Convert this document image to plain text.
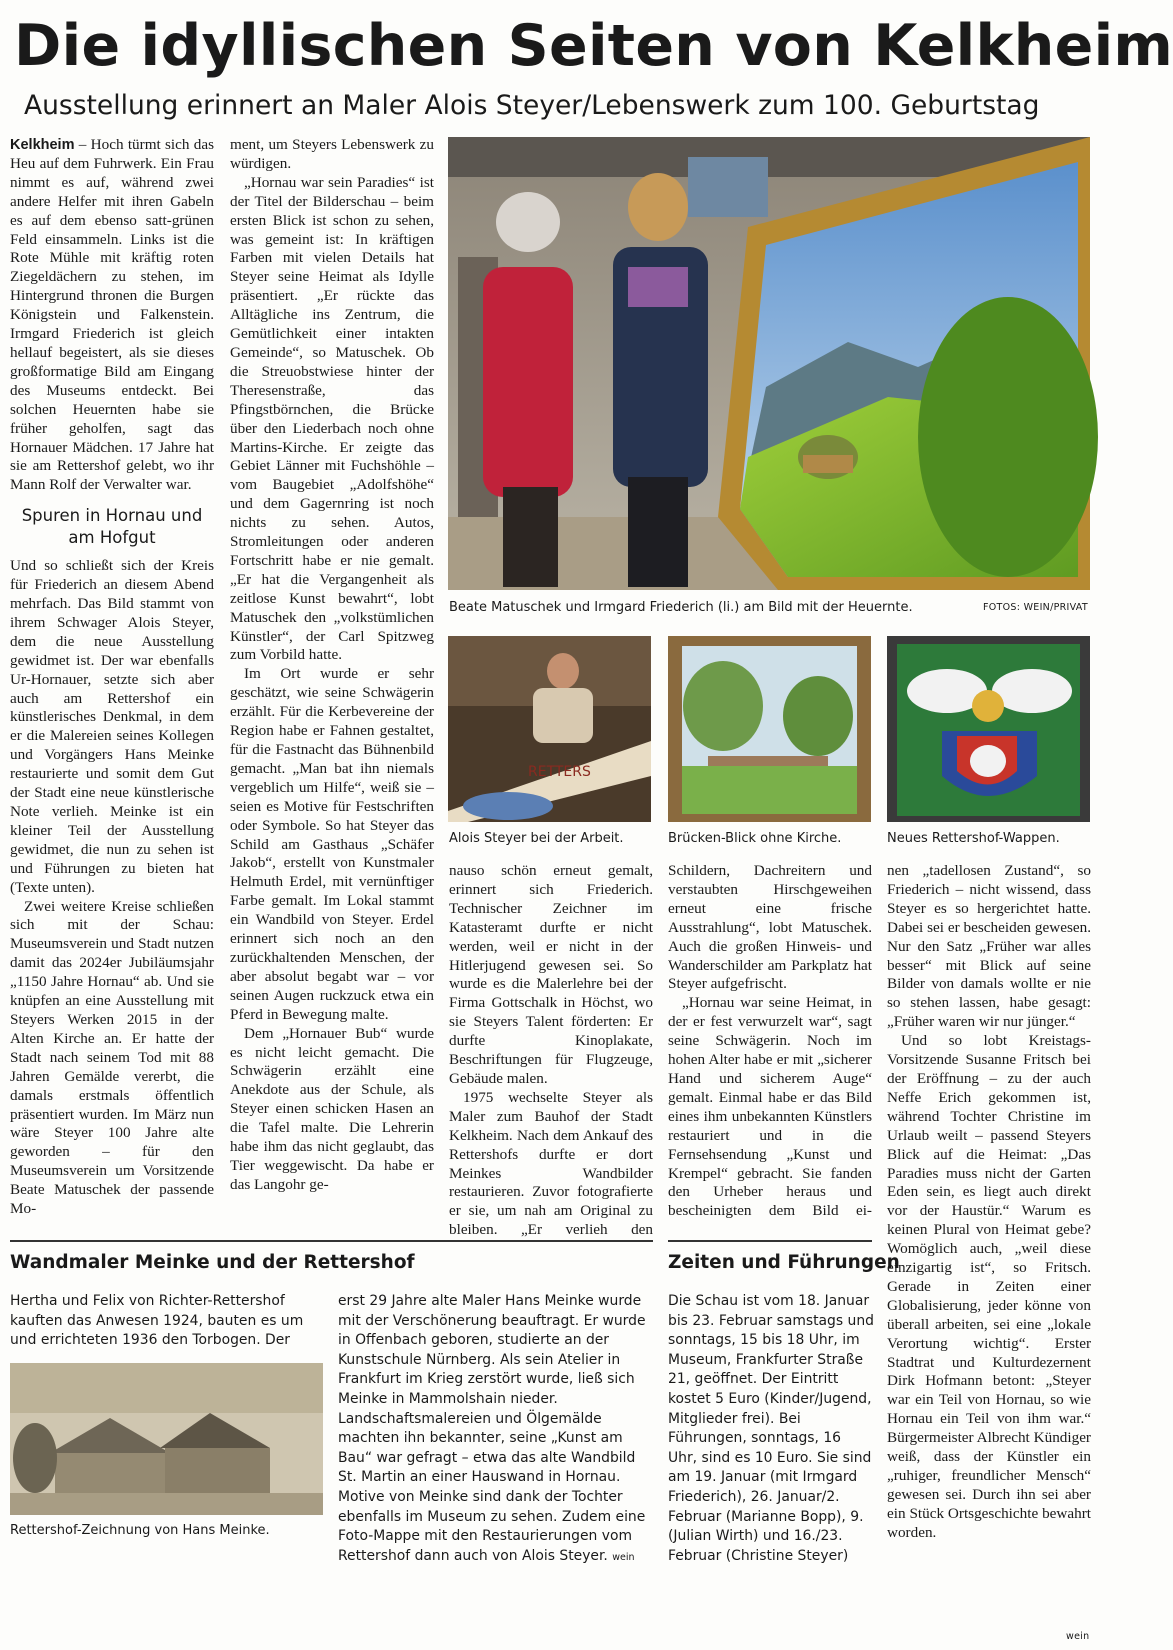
Die idyllischen Seiten von Kelkheim
Ausstellung erinnert an Maler Alois Steyer/Lebenswerk zum 100. Geburtstag

Kelkheim – Hoch türmt sich das Heu auf dem Fuhrwerk. Ein Frau nimmt es auf, während zwei andere Helfer mit ihren Gabeln es auf dem ebenso satt-grünen Feld einsammeln. Links ist die Rote Mühle mit kräftig roten Ziegeldächern zu stehen, im Hintergrund thronen die Burgen Königstein und Falkenstein. Irmgard Friederich ist gleich hellauf begeistert, als sie dieses großformatige Bild am Eingang des Museums entdeckt. Bei solchen Heuernten habe sie früher geholfen, sagt das Hornauer Mädchen. 17 Jahre hat sie am Rettershof gelebt, wo ihr Mann Rolf der Verwalter war.

Spuren in Hornau und am Hofgut

Und so schließt sich der Kreis für Friederich an diesem Abend mehrfach. Das Bild stammt von ihrem Schwager Alois Steyer, dem die neue Ausstellung gewidmet ist. Der war ebenfalls Ur-Hornauer, setzte sich aber auch am Rettershof ein künstlerisches Denkmal, in dem er die Malereien seines Kollegen und Vorgängers Hans Meinke restaurierte und somit dem Gut der Stadt eine neue künstlerische Note verlieh. Meinke ist ein kleiner Teil der Ausstellung gewidmet, die nun zu sehen ist und Führungen zu bieten hat (Texte unten).

Zwei weitere Kreise schließen sich mit der Schau: Museumsverein und Stadt nutzen damit das 2024er Jubiläumsjahr „1150 Jahre Hornau“ ab. Und sie knüpfen an eine Ausstellung mit Steyers Werken 2015 in der Alten Kirche an. Er hatte der Stadt nach seinem Tod mit 88 Jahren Gemälde vererbt, die damals erstmals öffentlich präsentiert wurden. Im März nun wäre Steyer 100 Jahre alte geworden – für den Museumsverein um Vorsitzende Beate Matuschek der passende Mo-

ment, um Steyers Lebenswerk zu würdigen.

„Hornau war sein Paradies“ ist der Titel der Bilderschau – beim ersten Blick ist schon zu sehen, was gemeint ist: In kräftigen Farben mit vielen Details hat Steyer seine Heimat als Idylle präsentiert. „Er rückte das Alltägliche ins Zentrum, die Gemütlichkeit einer intakten Gemeinde“, so Matuschek. Ob die Streuobstwiese hinter der Theresenstraße, das Pfingstbörnchen, die Brücke über den Liederbach noch ohne Martins-Kirche. Er zeigte das Gebiet Länner mit Fuchshöhle – vom Baugebiet „Adolfshöhe“ und dem Gagernring ist noch nichts zu sehen. Autos, Stromleitungen oder anderen Fortschritt habe er nie gemalt. „Er hat die Vergangenheit als zeitlose Kunst bewahrt“, lobt Matuschek den „volkstümlichen Künstler“, der Carl Spitzweg zum Vorbild hatte.

Im Ort wurde er sehr geschätzt, wie seine Schwägerin erzählt. Für die Kerbevereine der Region habe er Fahnen gestaltet, für die Fastnacht das Bühnenbild gemacht. „Man bat ihn niemals vergeblich um Hilfe“, weiß sie – seien es Motive für Festschriften oder Symbole. So hat Steyer das Schild am Gasthaus „Schäfer Jakob“, erstellt von Kunstmaler Helmuth Erdel, mit vernünftiger Farbe gemalt. Im Lokal stammt ein Wandbild von Steyer. Erdel erinnert sich noch an den zurückhaltenden Menschen, der aber absolut begabt war – vor seinen Augen ruckzuck etwa ein Pferd in Bewegung malte.

Dem „Hornauer Bub“ wurde es nicht leicht gemacht. Die Schwägerin erzählt eine Anekdote aus der Schule, als Steyer einen schicken Hasen an die Tafel malte. Die Lehrerin habe ihm das nicht geglaubt, das Tier weggewischt. Da habe er das Langohr ge-

Beate Matuschek und Irmgard Friederich (li.) am Bild mit der Heuernte.	FOTOS: WEIN/PRIVAT
RETTERS
Alois Steyer bei der Arbeit.	Brücken-Blick ohne Kirche.	Neues Rettershof-Wappen.

nauso schön erneut gemalt, erinnert sich Friederich. Technischer Zeichner im Katasteramt durfte er nicht werden, weil er nicht in der Hitlerjugend gewesen sei. So wurde es die Malerlehre bei der Firma Gottschalk in Höchst, wo sie Steyers Talent förderten: Er durfte Kinoplakate, Beschriftungen für Flugzeuge, Gebäude malen.

1975 wechselte Steyer als Maler zum Bauhof der Stadt Kelkheim. Nach dem Ankauf des Rettershofs durfte er dort Meinkes Wandbilder restaurieren. Zuvor fotografierte er sie, um nah am Original zu bleiben. „Er verlieh den

Schildern, Dachreitern und verstaubten Hirschgeweihen erneut eine frische Ausstrahlung“, lobt Matuschek. Auch die großen Hinweis- und Wanderschilder am Parkplatz hat Steyer aufgefrischt.

„Hornau war seine Heimat, in der er fest verwurzelt war“, sagt seine Schwägerin. Noch im hohen Alter habe er mit „sicherer Hand und sicherem Auge“ gemalt. Einmal habe er das Bild eines ihm unbekannten Künstlers restauriert und in die Fernsehsendung „Kunst und Krempel“ gebracht. Sie fanden den Urheber heraus und bescheinigten dem Bild ei-

nen „tadellosen Zustand“, so Friederich – nicht wissend, dass Steyer es so hergerichtet hatte. Dabei sei er bescheiden gewesen. Nur den Satz „Früher war alles besser“ mit Blick auf seine Bilder von damals wollte er nie so stehen lassen, habe gesagt: „Früher waren wir nur jünger.“

Und so lobt Kreistags-Vorsitzende Susanne Fritsch bei der Eröffnung – zu der auch Neffe Erich gekommen ist, während Tochter Christine im Urlaub weilt – passend Steyers Blick auf die Heimat: „Das Paradies muss nicht der Garten Eden sein, es liegt auch direkt vor der Haustür.“ Warum es keinen Plural von Heimat gebe? Womöglich auch, „weil diese einzigartig ist“, so Fritsch. Gerade in Zeiten einer Globalisierung, jeder könne von überall arbeiten, sei eine „lokale Verortung wichtig“. Erster Stadtrat und Kulturdezernent Dirk Hofmann betont: „Steyer war ein Teil von Hornau, so wie Hornau ein Teil von ihm war.“ Bürgermeister Albrecht Kündiger weiß, dass der Künstler ein „ruhiger, freundlicher Mensch“ gewesen sei. Durch ihn sei aber ein Stück Ortsgeschichte bewahrt worden.

wein
Wandmaler Meinke und der Rettershof

Hertha und Felix von Richter-Rettershof kauften das Anwesen 1924, bauten es um und errichteten 1936 den Torbogen. Der

Rettershof-Zeichnung von Hans Meinke.

erst 29 Jahre alte Maler Hans Meinke wurde mit der Verschönerung beauftragt. Er wurde in Offenbach geboren, studierte an der Kunstschule Nürnberg. Als sein Atelier in Frankfurt im Krieg zerstört wurde, ließ sich Meinke in Mammolshain nieder. Landschaftsmalereien und Ölgemälde machten ihn bekannter, seine „Kunst am Bau“ war gefragt – etwa das alte Wandbild St. Martin an einer Hauswand in Hornau. Motive von Meinke sind dank der Tochter ebenfalls im Museum zu sehen. Zudem eine Foto-Mappe mit den Restaurierungen vom Rettershof dann auch von Alois Steyer. wein

Zeiten und Führungen

Die Schau ist vom 18. Januar bis 23. Februar samstags und sonntags, 15 bis 18 Uhr, im Museum, Frankfurter Straße 21, geöffnet. Der Eintritt kostet 5 Euro (Kinder/Jugend, Mitglieder frei). Bei Führungen, sonntags, 16 Uhr, sind es 10 Euro. Sie sind am 19. Januar (mit Irmgard Friederich), 26. Januar/2. Februar (Marianne Bopp), 9. (Julian Wirth) und 16./23. Februar (Christine Steyer)
